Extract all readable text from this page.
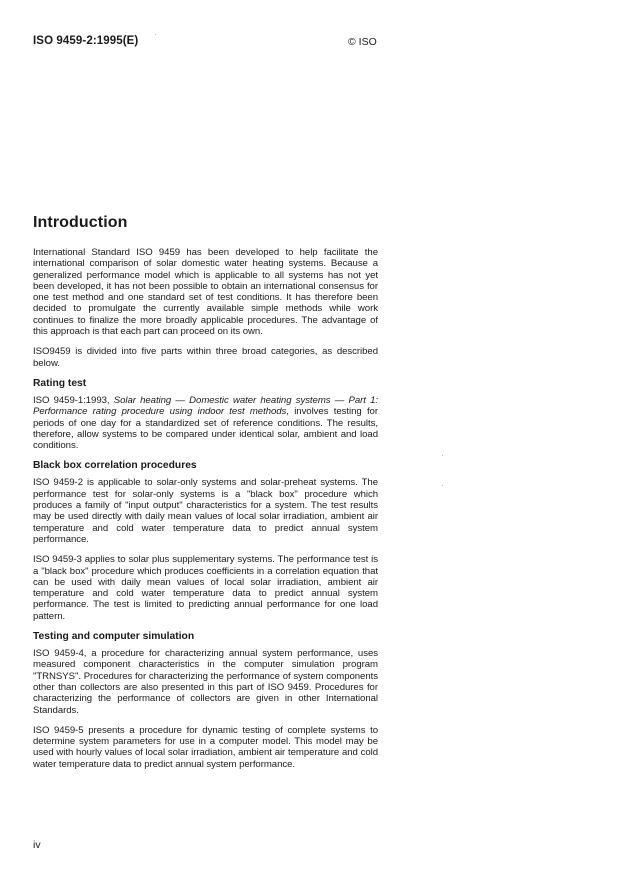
ISO 9459-2:1995(E)	© ISO
Introduction

International Standard ISO 9459 has been developed to help facilitate the international comparison of solar domestic water heating systems. Because a generalized performance model which is applicable to all systems has not yet been developed, it has not been possible to obtain an international consensus for one test method and one standard set of test conditions. It has therefore been decided to promulgate the currently available simple methods while work continues to finalize the more broadly applicable procedures. The advantage of this approach is that each part can proceed on its own.

ISO9459 is divided into five parts within three broad categories, as described below.

Rating test

ISO 9459-1:1993, Solar heating — Domestic water heating systems — Part 1: Performance rating procedure using indoor test methods, involves testing for periods of one day for a standardized set of reference conditions. The results, therefore, allow systems to be compared under identical solar, ambient and load conditions.

Black box correlation procedures

ISO 9459-2 is applicable to solar-only systems and solar-preheat systems. The performance test for solar-only systems is a "black box" procedure which produces a family of "input output" characteristics for a system. The test results may be used directly with daily mean values of local solar irradiation, ambient air temperature and cold water temperature data to predict annual system performance.

ISO 9459-3 applies to solar plus supplementary systems. The performance test is a "black box" procedure which produces coefficients in a correlation equation that can be used with daily mean values of local solar irradiation, ambient air temperature and cold water temperature data to predict annual system performance. The test is limited to predicting annual performance for one load pattern.

Testing and computer simulation

ISO 9459-4, a procedure for characterizing annual system performance, uses measured component characteristics in the computer simulation program "TRNSYS". Procedures for characterizing the performance of system components other than collectors are also presented in this part of ISO 9459. Procedures for characterizing the performance of collectors are given in other International Standards.

ISO 9459-5 presents a procedure for dynamic testing of complete systems to determine system parameters for use in a computer model. This model may be used with hourly values of local solar irradiation, ambient air temperature and cold water temperature data to predict annual system performance.

iv
